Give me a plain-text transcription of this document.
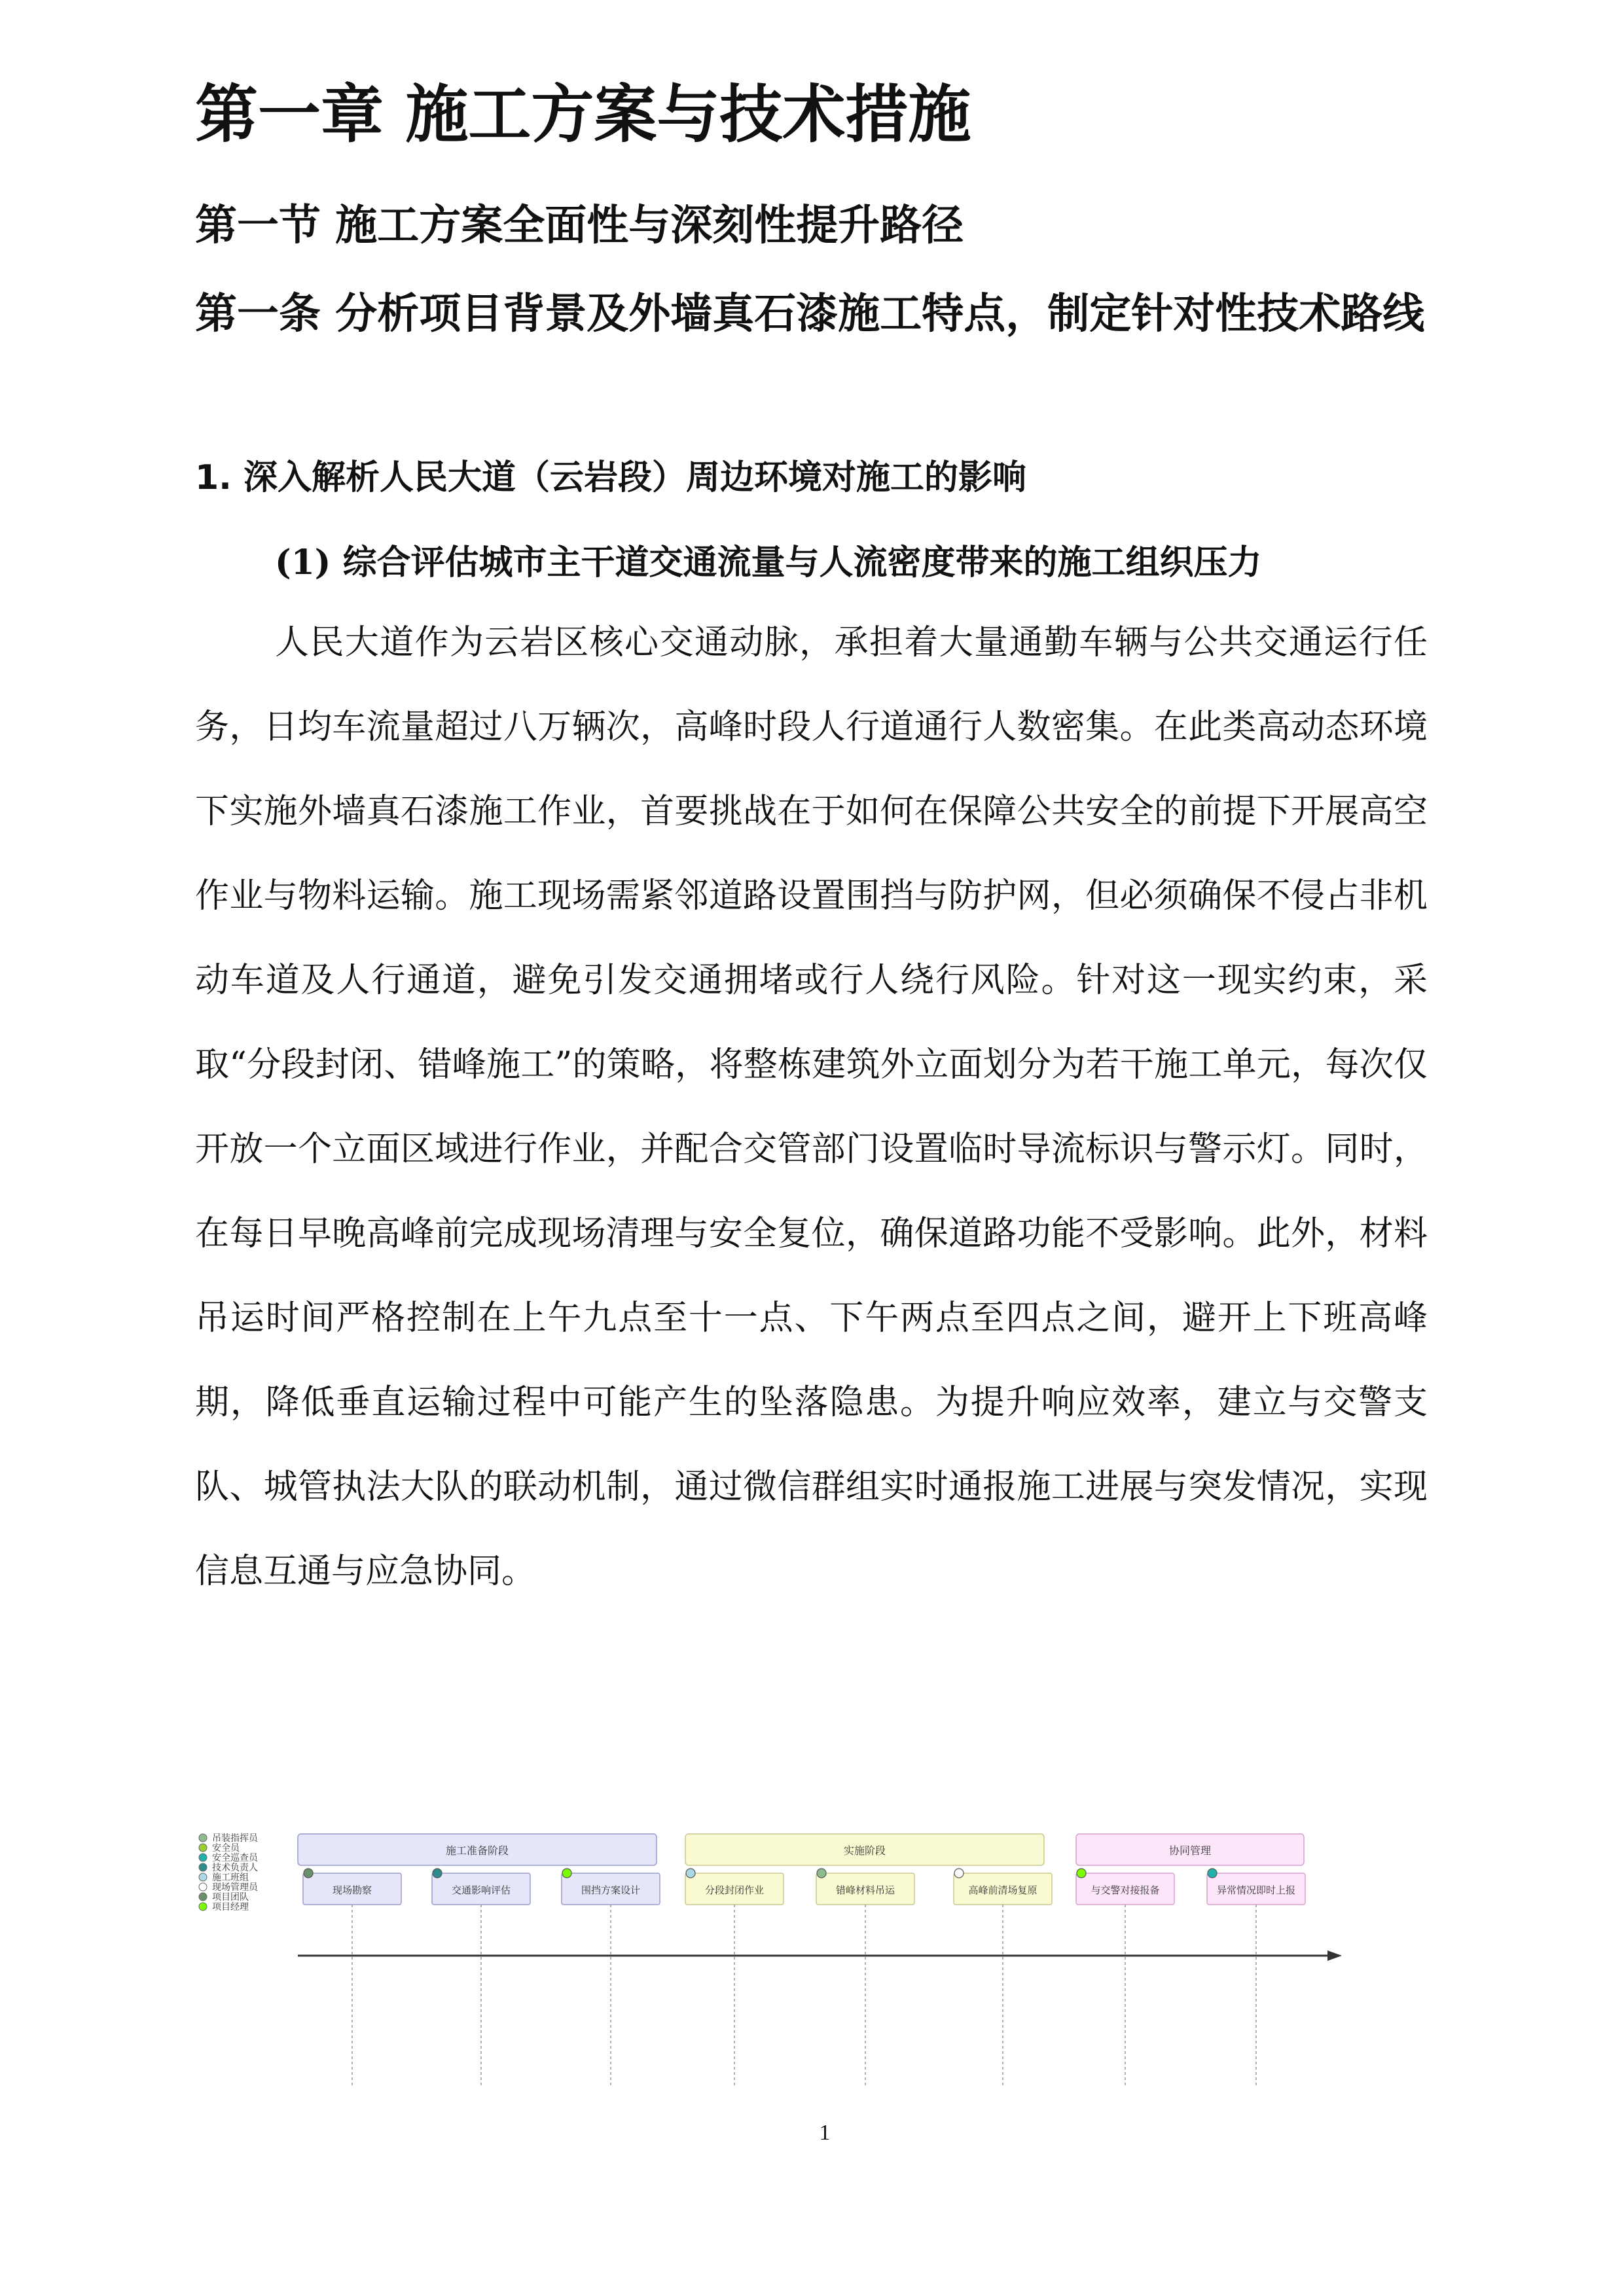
第一章 施工方案与技术措施
第一节 施工方案全面性与深刻性提升路径
第一条 分析项目背景及外墙真石漆施工特点，制定针对性技术路线
1. 深入解析人民大道（云岩段）周边环境对施工的影响
(1) 综合评估城市主干道交通流量与人流密度带来的施工组织压力

人民大道作为云岩区核心交通动脉，承担着大量通勤车辆与公共交通运行任务，日均车流量超过八万辆次，高峰时段人行道通行人数密集。在此类高动态环境下实施外墙真石漆施工作业，首要挑战在于如何在保障公共安全的前提下开展高空作业与物料运输。施工现场需紧邻道路设置围挡与防护网，但必须确保不侵占非机动车道及人行通道，避免引发交通拥堵或行人绕行风险。针对这一现实约束，采取“分段封闭、错峰施工”的策略，将整栋建筑外立面划分为若干施工单元，每次仅开放一个立面区域进行作业，并配合交管部门设置临时导流标识与警示灯。同时，在每日早晚高峰前完成现场清理与安全复位，确保道路功能不受影响。此外，材料吊运时间严格控制在上午九点至十一点、下午两点至四点之间，避开上下班高峰期，降低垂直运输过程中可能产生的坠落隐患。为提升响应效率，建立与交警支队、城管执法大队的联动机制，通过微信群组实时通报施工进展与突发情况，实现信息互通与应急协同。

吊装指挥员
安全员
安全巡查员
技术负责人
施工班组
现场管理员
项目团队
项目经理
施工准备阶段
现场勘察	交通影响评估	围挡方案设计
实施阶段
分段封闭作业	错峰材料吊运	高峰前清场复原
协同管理
与交警对接报备	异常情况即时上报
1
